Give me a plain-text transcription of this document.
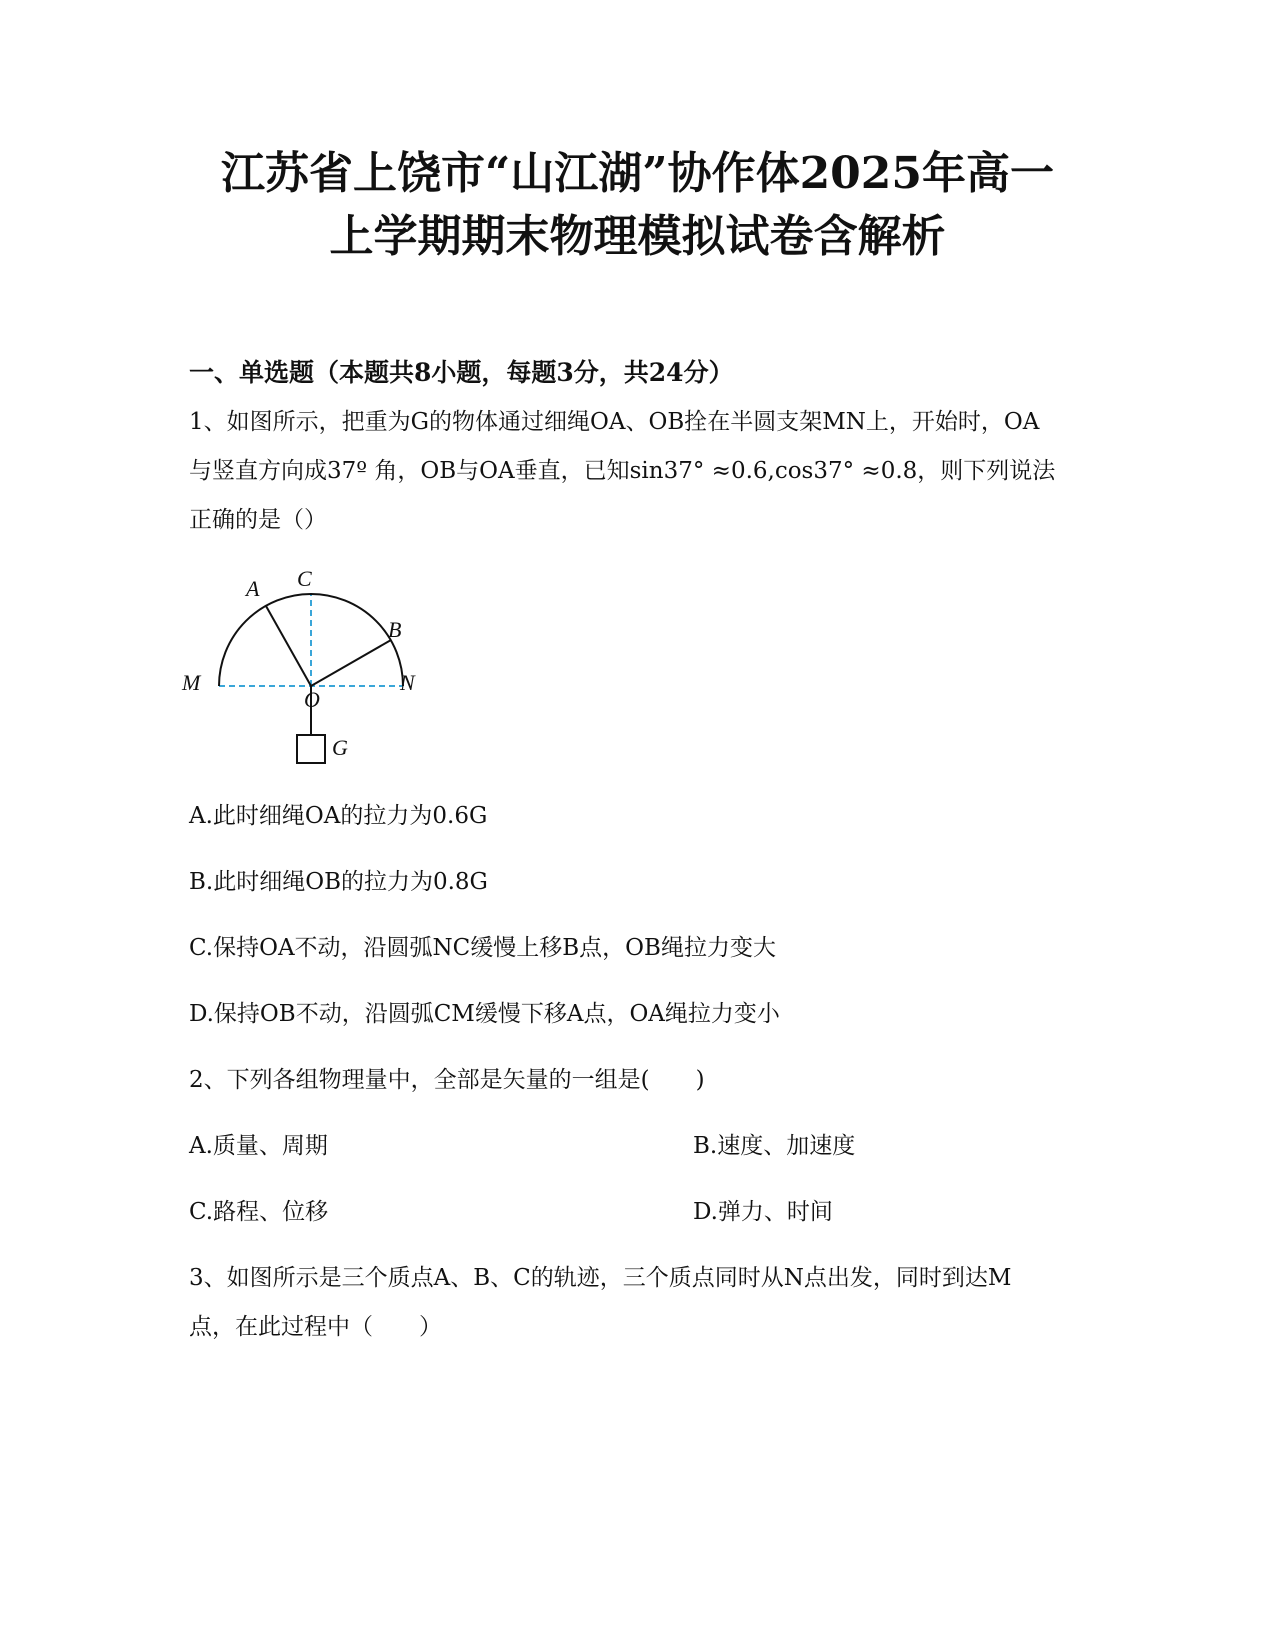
江苏省上饶市“山江湖”协作体2025年高一
上学期期末物理模拟试卷含解析
一、单选题（本题共8小题，每题3分，共24分）
1、如图所示，把重为G的物体通过细绳OA、OB拴在半圆支架MN上，开始时，OA
与竖直方向成37º 角，OB与OA垂直，已知sin37° ≈0.6,cos37° ≈0.8，则下列说法
正确的是（）
A C
B
M	N
O
G
A.此时细绳OA的拉力为0.6G
B.此时细绳OB的拉力为0.8G
C.保持OA不动，沿圆弧NC缓慢上移B点，OB绳拉力变大
D.保持OB不动，沿圆弧CM缓慢下移A点，OA绳拉力变小
2、下列各组物理量中，全部是矢量的一组是(　　)
A.质量、周期	B.速度、加速度
C.路程、位移	D.弹力、时间
3、如图所示是三个质点A、B、C的轨迹，三个质点同时从N点出发，同时到达M
点，在此过程中（　　）
